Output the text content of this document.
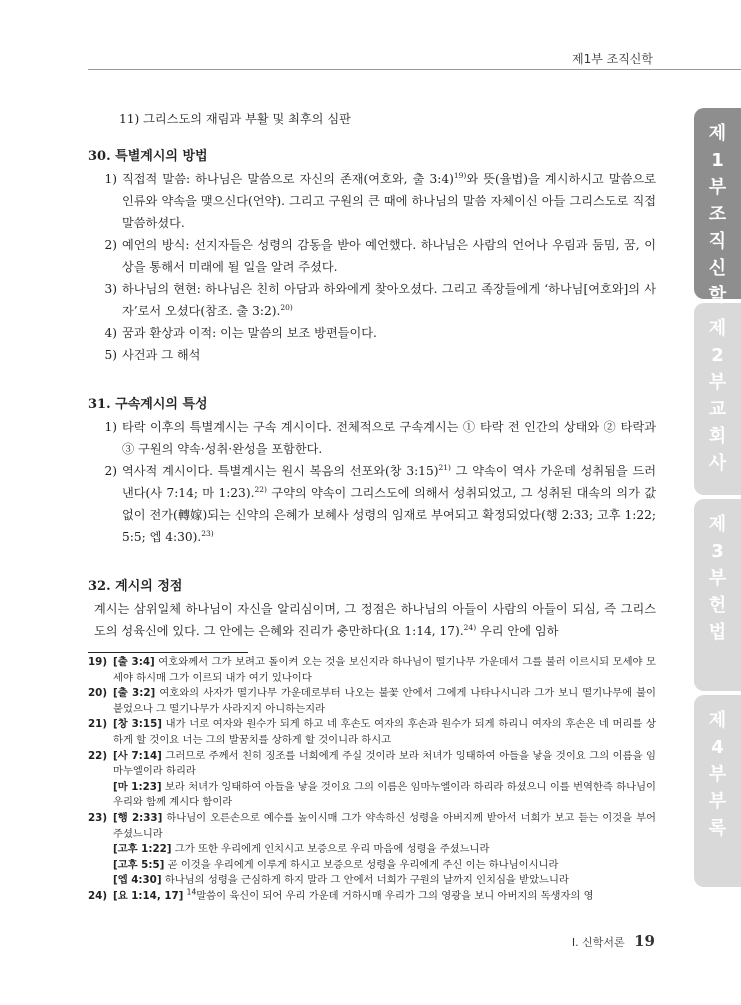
제1부 조직신학
제
1
부
조
직
신
학
제
2
부
교
회
사
제
3
부
헌
법
제
4
부
부
록
11) 그리스도의 재림과 부활 및 최후의 심판
30. 특별계시의 방법
1) 직접적 말씀: 하나님은 말씀으로 자신의 존재(여호와, 출 3:4)$^{19)}$와 뜻(율법)을 계시하시고 말씀으로 인류와 약속을 맺으신다(언약). 그리고 구원의 큰 때에 하나님의 말씀 자체이신 아들 그리스도로 직접 말씀하셨다.
2) 예언의 방식: 선지자들은 성령의 감동을 받아 예언했다. 하나님은 사람의 언어나 우림과 둠밈, 꿈, 이상을 통해서 미래에 될 일을 알려 주셨다.
3) 하나님의 현현: 하나님은 친히 아담과 하와에게 찾아오셨다. 그리고 족장들에게 ‘하나님[여호와]의 사자’로서 오셨다(참조. 출 3:2).$^{20)}$
4) 꿈과 환상과 이적: 이는 말씀의 보조 방편들이다.
5) 사건과 그 해석
31. 구속계시의 특성
1) 타락 이후의 특별계시는 구속 계시이다. 전체적으로 구속계시는 ① 타락 전 인간의 상태와 ② 타락과 ③ 구원의 약속·성취·완성을 포함한다.
2) 역사적 계시이다. 특별계시는 원시 복음의 선포와(창 3:15)$^{21)}$ 그 약속이 역사 가운데 성취됨을 드러낸다(사 7:14; 마 1:23).$^{22)}$ 구약의 약속이 그리스도에 의해서 성취되었고, 그 성취된 대속의 의가 값없이 전가(轉嫁)되는 신약의 은혜가 보혜사 성령의 임재로 부여되고 확정되었다(행 2:33; 고후 1:22; 5:5; 엡 4:30).$^{23)}$
32. 계시의 정점
계시는 삼위일체 하나님이 자신을 알리심이며, 그 정점은 하나님의 아들이 사람의 아들이 되심, 즉 그리스도의 성육신에 있다. 그 안에는 은혜와 진리가 충만하다(요 1:14, 17).$^{24)}$ 우리 안에 임하
19) [출 3:4] 여호와께서 그가 보려고 돌이켜 오는 것을 보신지라 하나님이 떨기나무 가운데서 그를 불러 이르시되 모세야 모세야 하시매 그가 이르되 내가 여기 있나이다
20) [출 3:2] 여호와의 사자가 떨기나무 가운데로부터 나오는 불꽃 안에서 그에게 나타나시니라 그가 보니 떨기나무에 불이 붙었으나 그 떨기나무가 사라지지 아니하는지라
21) [창 3:15] 내가 너로 여자와 원수가 되게 하고 네 후손도 여자의 후손과 원수가 되게 하리니 여자의 후손은 네 머리를 상하게 할 것이요 너는 그의 발꿈치를 상하게 할 것이니라 하시고
22) [사 7:14] 그러므로 주께서 친히 징조를 너희에게 주실 것이라 보라 처녀가 잉태하여 아들을 낳을 것이요 그의 이름을 임마누엘이라 하리라
[마 1:23] 보라 처녀가 잉태하여 아들을 낳을 것이요 그의 이름은 임마누엘이라 하리라 하셨으니 이를 번역한즉 하나님이 우리와 함께 계시다 함이라
23) [행 2:33] 하나님이 오른손으로 예수를 높이시매 그가 약속하신 성령을 아버지께 받아서 너희가 보고 듣는 이것을 부어 주셨느니라
[고후 1:22] 그가 또한 우리에게 인치시고 보증으로 우리 마음에 성령을 주셨느니라
[고후 5:5] 곧 이것을 우리에게 이루게 하시고 보증으로 성령을 우리에게 주신 이는 하나님이시니라
[엡 4:30] 하나님의 성령을 근심하게 하지 말라 그 안에서 너희가 구원의 날까지 인치심을 받았느니라
24) [요 1:14, 17] $^{14}$말씀이 육신이 되어 우리 가운데 거하시매 우리가 그의 영광을 보니 아버지의 독생자의 영
Ⅰ. 신학서론 19
